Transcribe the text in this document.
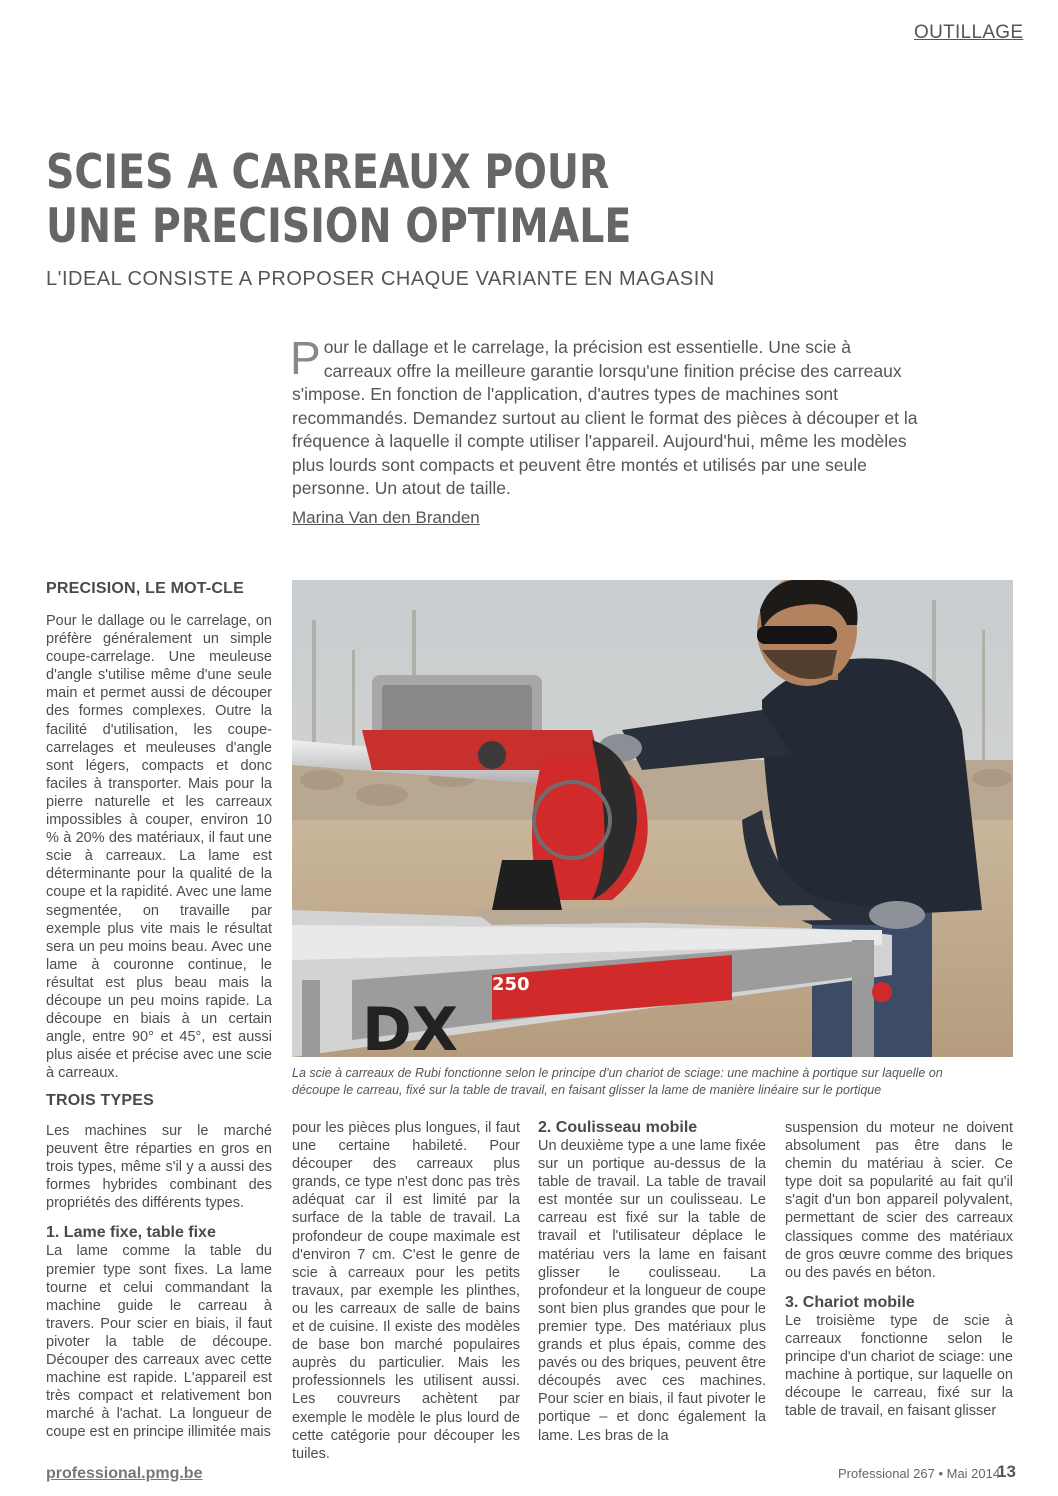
OUTILLAGE
SCIES A CARREAUX POUR
UNE PRECISION OPTIMALE
L'IDEAL CONSISTE A PROPOSER CHAQUE VARIANTE EN MAGASIN

Pour le dallage et le carrelage, la précision est essentielle. Une scie à carreaux offre la meilleure garantie lorsqu'une finition précise des carreaux s'impose. En fonction de l'application, d'autres types de machines sont recommandés. Demandez surtout au client le format des pièces à découper et la fréquence à laquelle il compte utiliser l'appareil. Aujourd'hui, même les modèles plus lourds sont compacts et peuvent être montés et utilisés par une seule personne. Un atout de taille.

Marina Van den Branden

PRECISION, LE MOT-CLE

Pour le dallage ou le carrelage, on préfère généralement un simple coupe-carrelage. Une meuleuse d'angle s'utilise même d'une seule main et permet aussi de découper des formes complexes. Outre la facilité d'utilisation, les coupe-carrelages et meuleuses d'angle sont légers, compacts et donc faciles à transporter. Mais pour la pierre naturelle et les carreaux impossibles à couper, environ 10 % à 20% des matériaux, il faut une scie à carreaux. La lame est déterminante pour la qualité de la coupe et la rapidité. Avec une lame segmentée, on travaille par exemple plus vite mais le résultat sera un peu moins beau. Avec une lame à couronne continue, le résultat est plus beau mais la découpe un peu moins rapide. La découpe en biais à un certain angle, entre 90° et 45°, est aussi plus aisée et précise avec une scie à carreaux.

TROIS TYPES

Les machines sur le marché peuvent être réparties en gros en trois types, même s'il y a aussi des formes hybrides combinant des propriétés des différents types.

1. Lame fixe, table fixe

La lame comme la table du premier type sont fixes. La lame tourne et celui commandant la machine guide le carreau à travers. Pour scier en biais, il faut pivoter la table de découpe. Découper des carreaux avec cette machine est rapide. L'appareil est très compact et relativement bon marché à l'achat. La longueur de coupe est en principe illimitée mais

pour les pièces plus longues, il faut une certaine habileté. Pour découper des carreaux plus grands, ce type n'est donc pas très adéquat car il est limité par la surface de la table de travail. La profondeur de coupe maximale est d'environ 7 cm. C'est le genre de scie à carreaux pour les petits travaux, par exemple les plinthes, ou les carreaux de salle de bains et de cuisine. Il existe des modèles de base bon marché populaires auprès du particulier. Mais les professionnels les utilisent aussi. Les couvreurs achètent par exemple le modèle le plus lourd de cette catégorie pour découper les tuiles.

2. Coulisseau mobile

Un deuxième type a une lame fixée sur un portique au-dessus de la table de travail. La table de travail est montée sur un coulisseau. Le carreau est fixé sur la table de travail et l'utilisateur déplace le matériau vers la lame en faisant glisser le coulisseau. La profondeur et la longueur de coupe sont bien plus grandes que pour le premier type. Des matériaux plus grands et plus épais, comme des pavés ou des briques, peuvent être découpés avec ces machines. Pour scier en biais, il faut pivoter le portique – et donc également la lame. Les bras de la

suspension du moteur ne doivent absolument pas être dans le chemin du matériau à scier. Ce type doit sa popularité au fait qu'il s'agit d'un bon appareil polyvalent, permettant de scier des carreaux classiques comme des matériaux de gros œuvre comme des briques ou des pavés en béton.

3. Chariot mobile

Le troisième type de scie à carreaux fonctionne selon le principe d'un chariot de sciage: une machine à portique, sur laquelle on découpe le carreau, fixé sur la table de travail, en faisant glisser

DX
250

La scie à carreaux de Rubi fonctionne selon le principe d'un chariot de sciage: une machine à portique sur laquelle on découpe le carreau, fixé sur la table de travail, en faisant glisser la lame de manière linéaire sur le portique

professional.pmg.be	Professional 267 • Mai 2014
13
